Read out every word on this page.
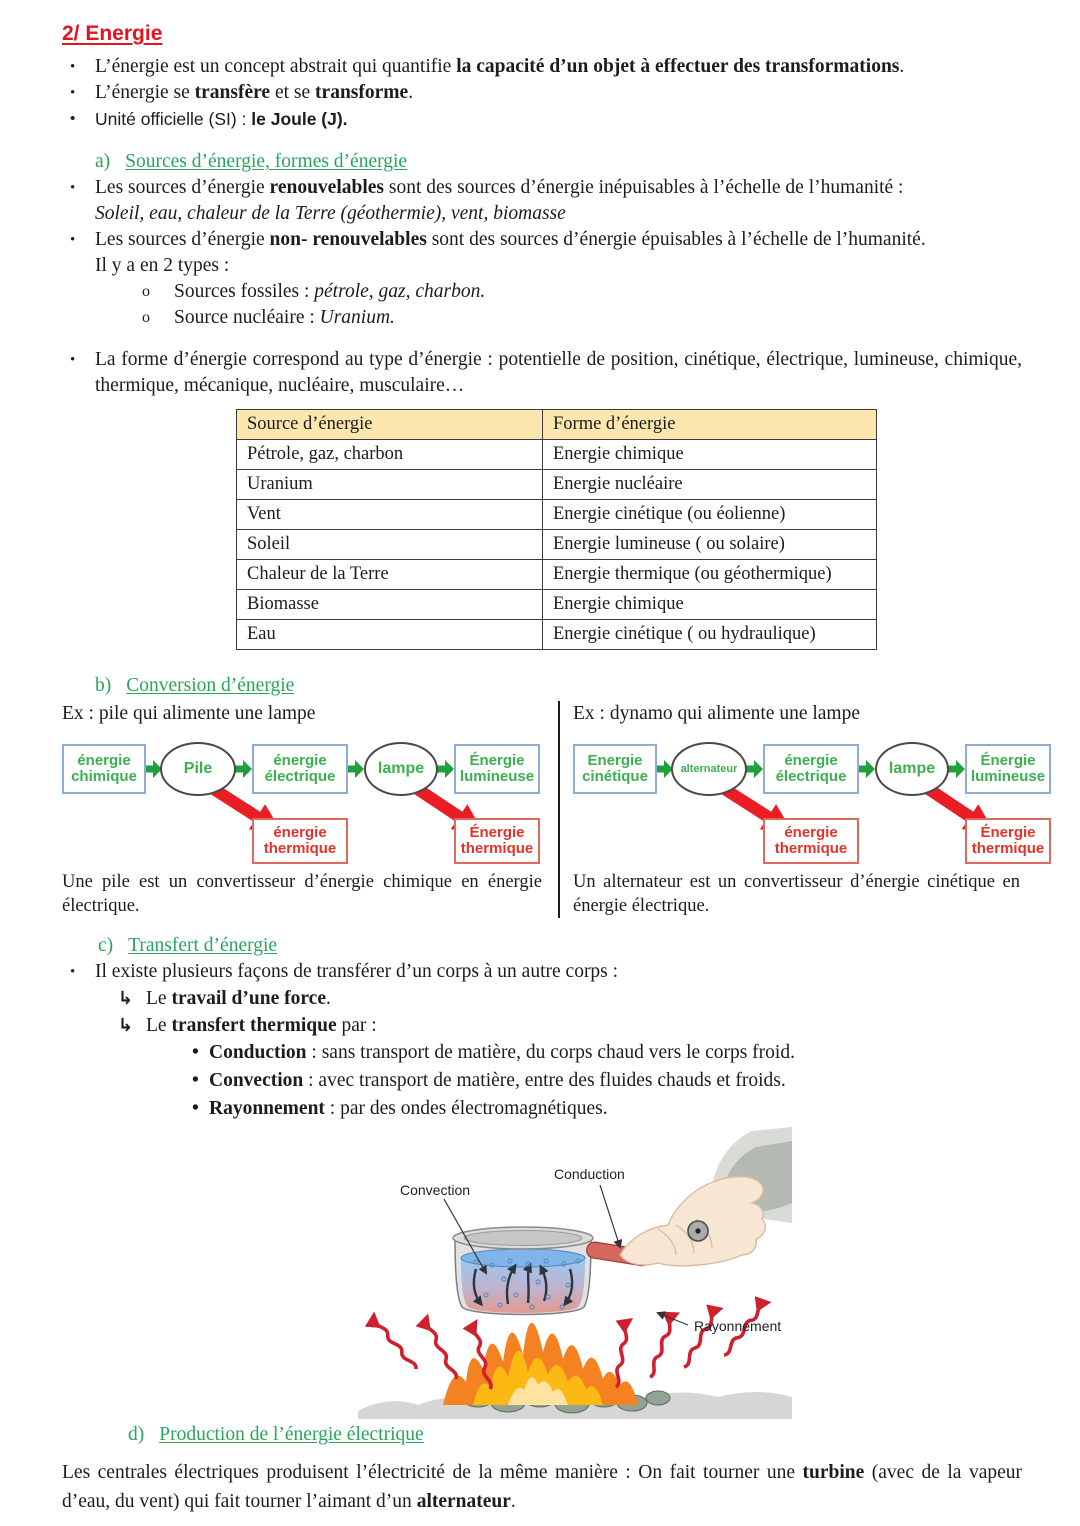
2/ Energie
• L’énergie est un concept abstrait qui quantifie la capacité d’un objet à effectuer des transformations.
• L’énergie se transfère et se transforme.
• Unité officielle (SI) : le Joule (J).
a) Sources d’énergie, formes d’énergie
• Les sources d’énergie renouvelables sont des sources d’énergie inépuisables à l’échelle de l’humanité :
Soleil, eau, chaleur de la Terre (géothermie), vent, biomasse
• Les sources d’énergie non- renouvelables sont des sources d’énergie épuisables à l’échelle de l’humanité.
Il y a en 2 types :
o Sources fossiles : pétrole, gaz, charbon.
o Source nucléaire : Uranium.
• La forme d’énergie correspond au type d’énergie : potentielle de position, cinétique, électrique, lumineuse, chimique, thermique, mécanique, nucléaire, musculaire…
Source d’énergie	Forme d’énergie
Pétrole, gaz, charbon	Energie chimique
Uranium	Energie nucléaire
Vent	Energie cinétique (ou éolienne)
Soleil	Energie lumineuse ( ou solaire)
Chaleur de la Terre	Energie thermique (ou géothermique)
Biomasse	Energie chimique
Eau	Energie cinétique ( ou hydraulique)
b) Conversion d’énergie
Ex : pile qui alimente une lampe
énergie chimique	Pile	énergie électrique	lampe	Énergie lumineuse
énergie thermique
Énergie thermique
Une pile est un convertisseur d’énergie chimique en énergie électrique.
Ex : dynamo qui alimente une lampe
Energie cinétique	alternateur
énergie électrique	lampe	Énergie lumineuse
énergie thermique
Énergie thermique
Un alternateur est un convertisseur d’énergie cinétique en énergie électrique.
c) Transfert d’énergie
• Il existe plusieurs façons de transférer d’un corps à un autre corps :
↳ Le travail d’une force.
↳ Le transfert thermique par :
• Conduction : sans transport de matière, du corps chaud vers le corps froid.
• Convection : avec transport de matière, entre des fluides chauds et froids.
• Rayonnement : par des ondes électromagnétiques.
Convection
Conduction
Rayonnement
d) Production de l’énergie électrique

Les centrales électriques produisent l’électricité de la même manière : On fait tourner une turbine (avec de la vapeur d’eau, du vent) qui fait tourner l’aimant d’un alternateur.
